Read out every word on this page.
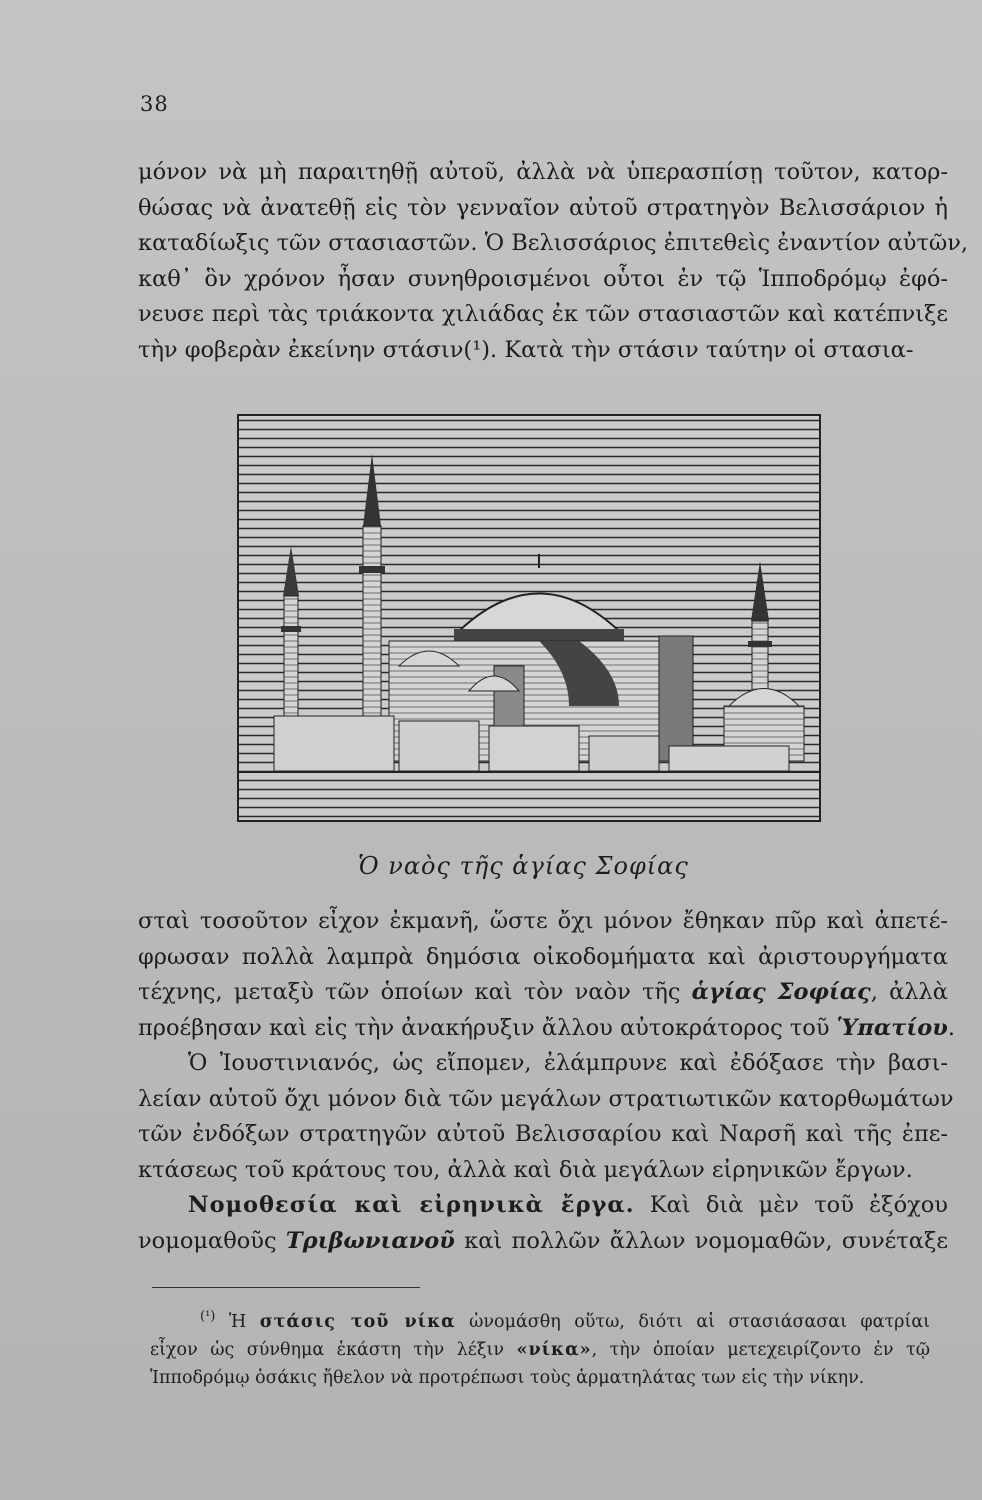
38
μόνον νὰ μὴ παραιτηθῇ αὐτοῦ, ἀλλὰ νὰ ὑπερασπίσῃ τοῦτον, κατορ-
θώσας νὰ ἀνατεθῇ εἰς τὸν γενναῖον αὐτοῦ στρατηγὸν Βελισσάριον ἡ
καταδίωξις τῶν στασιαστῶν. Ὁ Βελισσάριος ἐπιτεθεὶς ἐναντίον αὐτῶν,
καθ᾿ ὃν χρόνον ἦσαν συνηθροισμένοι οὗτοι ἐν τῷ Ἱπποδρόμῳ ἐφό-
νευσε περὶ τὰς τριάκοντα χιλιάδας ἐκ τῶν στασιαστῶν καὶ κατέπνιξε
τὴν φοβερὰν ἐκείνην στάσιν(¹). Κατὰ τὴν στάσιν ταύτην οἱ στασια-
Ὁ ναὸς τῆς ἁγίας Σοφίας
σταὶ τοσοῦτον εἶχον ἐκμανῆ, ὥστε ὄχι μόνον ἔθηκαν πῦρ καὶ ἀπετέ-
φρωσαν πολλὰ λαμπρὰ δημόσια οἰκοδομήματα καὶ ἀριστουργήματα
τέχνης, μεταξὺ τῶν ὁποίων καὶ τὸν ναὸν τῆς ἁγίας Σοφίας, ἀλλὰ
προέβησαν καὶ εἰς τὴν ἀνακήρυξιν ἄλλου αὐτοκράτορος τοῦ Ὑπατίου.
Ὁ Ἰουστινιανός, ὡς εἴπομεν, ἐλάμπρυνε καὶ ἐδόξασε τὴν βασι-
λείαν αὐτοῦ ὄχι μόνον διὰ τῶν μεγάλων στρατιωτικῶν κατορθωμάτων
τῶν ἐνδόξων στρατηγῶν αὐτοῦ Βελισσαρίου καὶ Ναρσῆ καὶ τῆς ἐπε-
κτάσεως τοῦ κράτους του, ἀλλὰ καὶ διὰ μεγάλων εἰρηνικῶν ἔργων.
Νομοθεσία καὶ εἰρηνικὰ ἔργα. Καὶ διὰ μὲν τοῦ ἐξόχου
νομομαθοῦς Τριβωνιανοῦ καὶ πολλῶν ἄλλων νομομαθῶν, συνέταξε
$^{(^1)}$ Ἡ στάσις τοῦ νίκα ὠνομάσθη οὕτω, διότι αἱ στασιάσασαι φατρίαι
εἶχον ὡς σύνθημα ἑκάστη τὴν λέξιν «νίκα», τὴν ὁποίαν μετεχειρίζοντο ἐν τῷ
Ἱπποδρόμῳ ὁσάκις ἤθελον νὰ προτρέπωσι τοὺς ἁρματηλάτας των εἰς τὴν νίκην.
